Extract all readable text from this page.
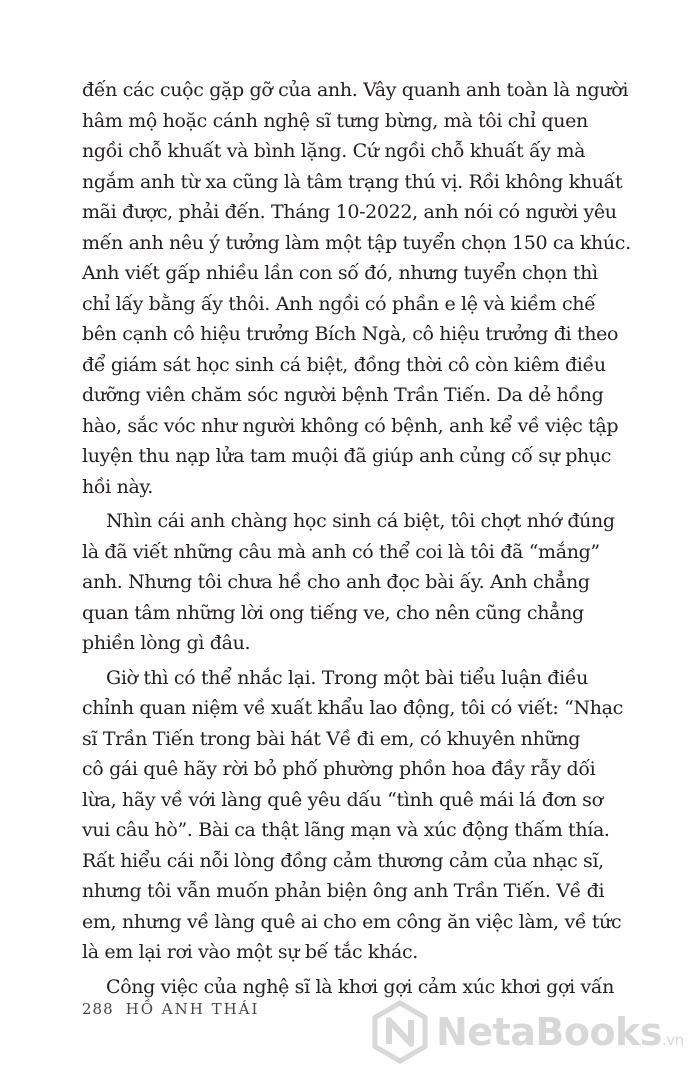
đến các cuộc gặp gỡ của anh. Vây quanh anh toàn là người
hâm mộ hoặc cánh nghệ sĩ tưng bừng, mà tôi chỉ quen
ngồi chỗ khuất và bình lặng. Cứ ngồi chỗ khuất ấy mà
ngắm anh từ xa cũng là tâm trạng thú vị. Rồi không khuất
mãi được, phải đến. Tháng 10-2022, anh nói có người yêu
mến anh nêu ý tưởng làm một tập tuyển chọn 150 ca khúc.
Anh viết gấp nhiều lần con số đó, nhưng tuyển chọn thì
chỉ lấy bằng ấy thôi. Anh ngồi có phần e lệ và kiềm chế
bên cạnh cô hiệu trưởng Bích Ngà, cô hiệu trưởng đi theo
để giám sát học sinh cá biệt, đồng thời cô còn kiêm điều
dưỡng viên chăm sóc người bệnh Trần Tiến. Da dẻ hồng
hào, sắc vóc như người không có bệnh, anh kể về việc tập
luyện thu nạp lửa tam muội đã giúp anh củng cố sự phục
hồi này.
Nhìn cái anh chàng học sinh cá biệt, tôi chợt nhớ đúng
là đã viết những câu mà anh có thể coi là tôi đã “mắng”
anh. Nhưng tôi chưa hề cho anh đọc bài ấy. Anh chẳng
quan tâm những lời ong tiếng ve, cho nên cũng chẳng
phiền lòng gì đâu.
Giờ thì có thể nhắc lại. Trong một bài tiểu luận điều
chỉnh quan niệm về xuất khẩu lao động, tôi có viết: “Nhạc
sĩ Trần Tiến trong bài hát Về đi em, có khuyên những
cô gái quê hãy rời bỏ phố phường phồn hoa đầy rẫy dối
lừa, hãy về với làng quê yêu dấu “tình quê mái lá đơn sơ
vui câu hò”. Bài ca thật lãng mạn và xúc động thấm thía.
Rất hiểu cái nỗi lòng đồng cảm thương cảm của nhạc sĩ,
nhưng tôi vẫn muốn phản biện ông anh Trần Tiến. Về đi
em, nhưng về làng quê ai cho em công ăn việc làm, về tức
là em lại rơi vào một sự bế tắc khác.
Công việc của nghệ sĩ là khơi gợi cảm xúc khơi gợi vấn
288 HỒ ANH THÁI
NetaBooks.vn
